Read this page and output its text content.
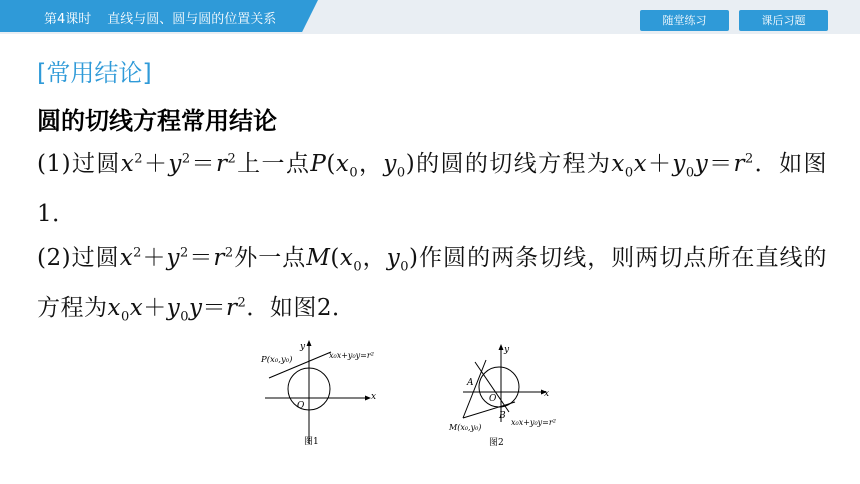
第4课时 直线与圆、圆与圆的位置关系	随堂练习	课后习题
[常用结论]
圆的切线方程常用结论
(1)过圆$x^2+y^2=r^2$上一点$P(x_0$，$y_0$)的圆的切线方程为$x_0x+y_0y=r^2$．如图1．
(2)过圆$x^2+y^2=r^2$外一点$M(x_0$，$y_0$)作圆的两条切线，则两切点所在直线的方程为$x_0x+y_0y=r^2$．如图2．
y
x
O
P(x₀,y₀)	x₀x+y₀y=r²
图1
y
x
O
A
B
M(x₀,y₀)
x₀x+y₀y=r²
图2
